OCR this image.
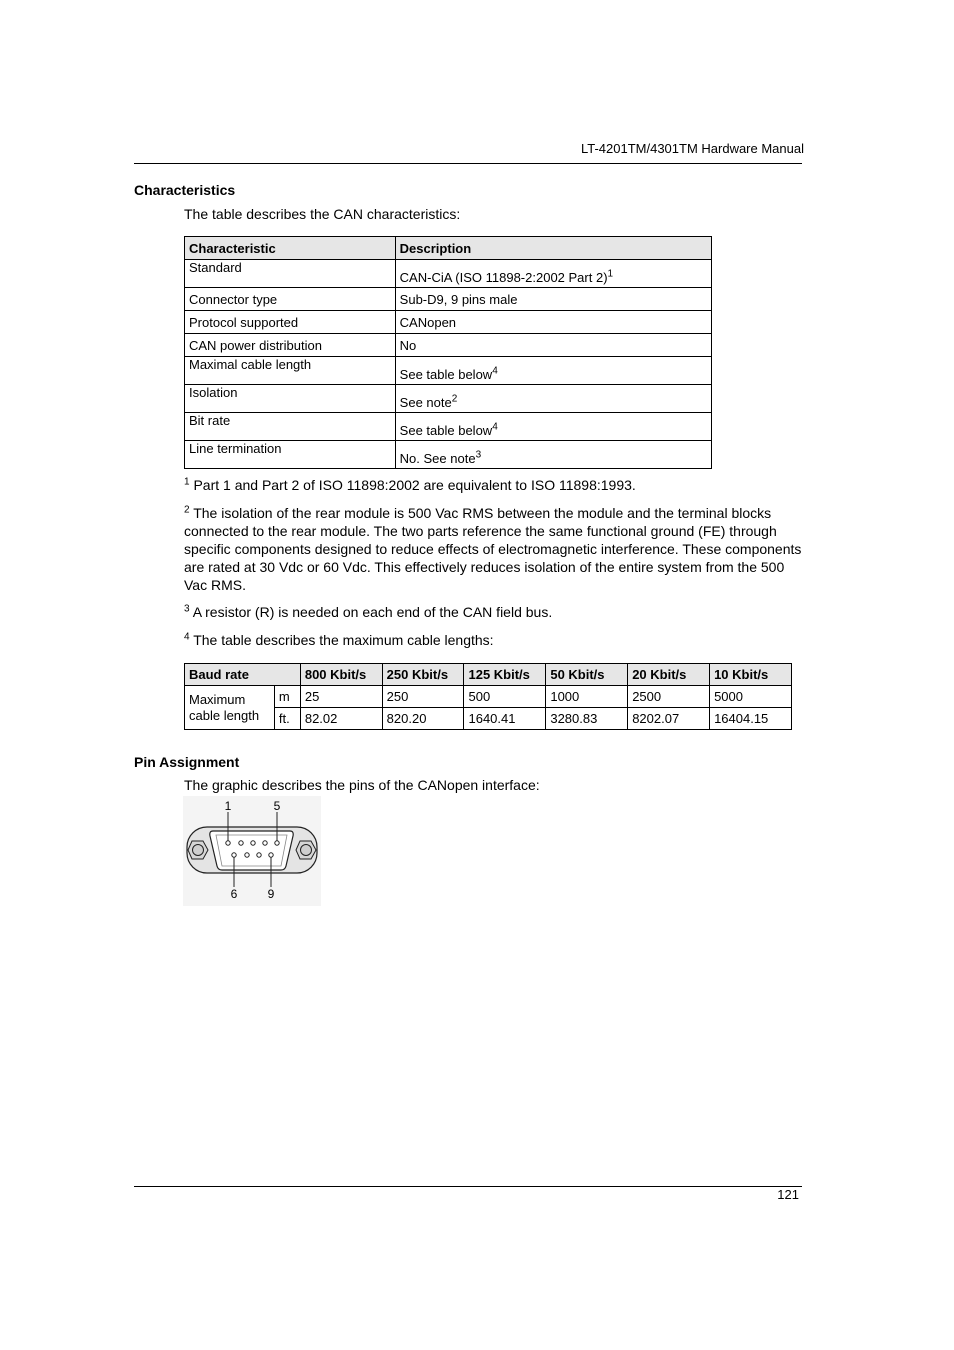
LT-4201TM/4301TM Hardware Manual
Characteristics
The table describes the CAN characteristics:
Characteristic	Description
Standard	CAN-CiA (ISO 11898-2:2002 Part 2)$^1$
Connector type	Sub-D9, 9 pins male
Protocol supported	CANopen
CAN power distribution	No
Maximal cable length	See table below$^4$
Isolation	See note$^2$
Bit rate	See table below$^4$
Line termination	No. See note$^3$
$^1$ Part 1 and Part 2 of ISO 11898:2002 are equivalent to ISO 11898:1993.
$^2$ The isolation of the rear module is 500 Vac RMS between the module and the terminal blocks connected to the rear module. The two parts reference the same functional ground (FE) through specific components designed to reduce effects of electromagnetic interference. These components are rated at 30 Vdc or 60 Vdc. This effectively reduces isolation of the entire system from the 500 Vac RMS.
$^3$ A resistor (R) is needed on each end of the CAN field bus.
$^4$ The table describes the maximum cable lengths:
Baud rate		800 Kbit/s	250 Kbit/s	125 Kbit/s	50 Kbit/s	20 Kbit/s	10 Kbit/s
Maximum
cable length	m	25	250	500	1000	2500	5000
	ft.	82.02	820.20	1640.41	3280.83	8202.07	16404.15
Pin Assignment
The graphic describes the pins of the CANopen interface:
1	5
6	9
121
